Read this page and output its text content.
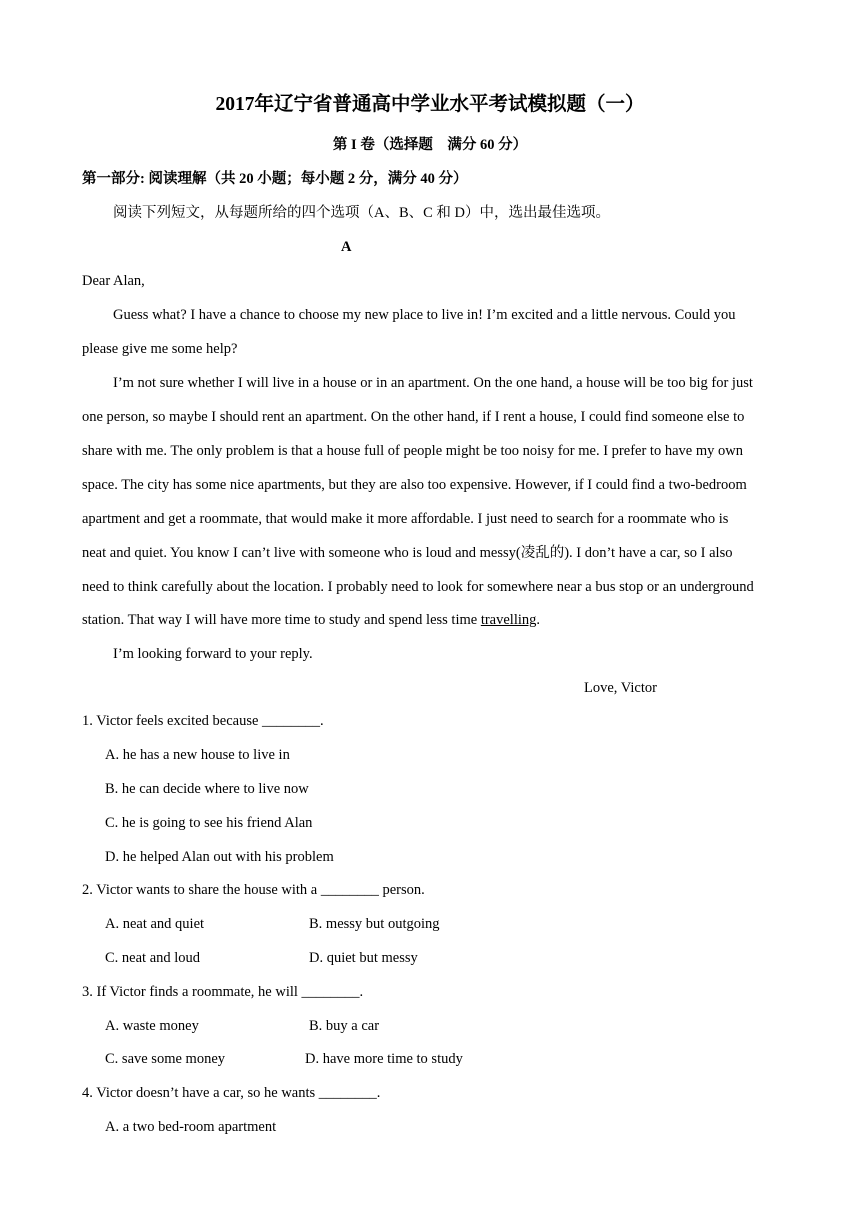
2017年辽宁省普通高中学业水平考试模拟题（一）
第 I 卷（选择题　满分 60 分）
第一部分: 阅读理解（共 20 小题；每小题 2 分，满分 40 分）
阅读下列短文，从每题所给的四个选项（A、B、C 和 D）中，选出最佳选项。
A
Dear Alan,
Guess what? I have a chance to choose my new place to live in! I’m excited and a little nervous. Could you
please give me some help?
I’m not sure whether I will live in a house or in an apartment. On the one hand, a house will be too big for just
one person, so maybe I should rent an apartment. On the other hand, if I rent a house, I could find someone else to
share with me. The only problem is that a house full of people might be too noisy for me. I prefer to have my own
space. The city has some nice apartments, but they are also too expensive. However, if I could find a two-bedroom
apartment and get a roommate, that would make it more affordable. I just need to search for a roommate who is
neat and quiet. You know I can’t live with someone who is loud and messy(凌乱的). I don’t have a car, so I also
need to think carefully about the location. I probably need to look for somewhere near a bus stop or an underground
station. That way I will have more time to study and spend less time travelling.
I’m looking forward to your reply.
Love, Victor
1. Victor feels excited because ________.
A. he has a new house to live in
B. he can decide where to live now
C. he is going to see his friend Alan
D. he helped Alan out with his problem
2. Victor wants to share the house with a ________ person.
A. neat and quiet	B. messy but outgoing
C. neat and loud	D. quiet but messy
3. If Victor finds a roommate, he will ________.
A. waste money	B. buy a car
C. save some money	D. have more time to study
4. Victor doesn’t have a car, so he wants ________.
A. a two bed-room apartment
